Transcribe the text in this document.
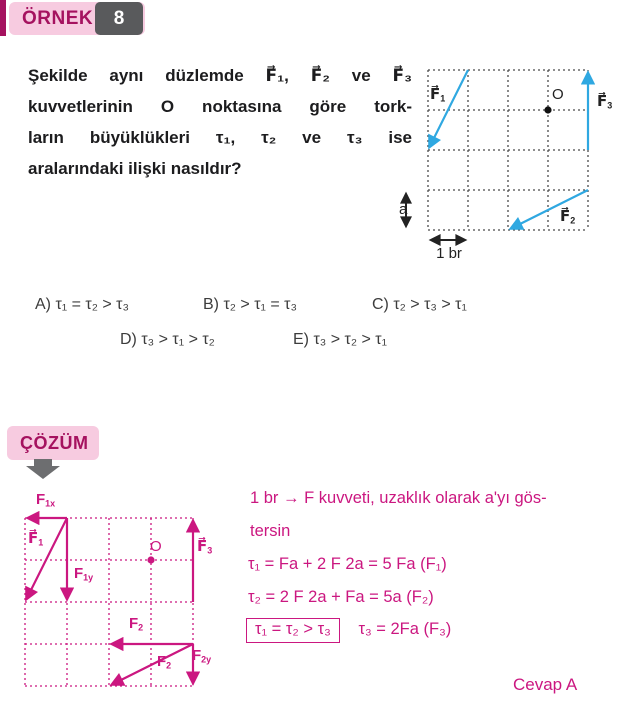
ÖRNEK	8
Şekilde aynı düzlemde F⃗₁, F⃗₂ ve F⃗₃
kuvvetlerinin O noktasına göre tork-
ların büyüklükleri τ₁, τ₂ ve τ₃ ise
aralarındaki ilişki nasıldır?
$F⃗_1$	O $F⃗_3$
$F⃗_2$
a
1 br
A) τ₁ = τ₂ > τ₃	B) τ₂ > τ₁ = τ₃	C) τ₂ > τ₃ > τ₁
D) τ₃ > τ₁ > τ₂	E) τ₃ > τ₂ > τ₁
ÇÖZÜM
$F_{1x}$
$F⃗_1$
$F_{1y}$
O $F⃗_3$
$F_2$
$F_2$
$F_{2y}$
1 br → F kuvveti, uzaklık olarak a'yı gös-
tersin
τ₁ = Fa + 2 F 2a = 5 Fa (F₁)
τ₂ = 2 F 2a + Fa = 5a (F₂)
τ₁ = τ₂ > τ₃ τ₃ = 2Fa (F₃)
Cevap A
